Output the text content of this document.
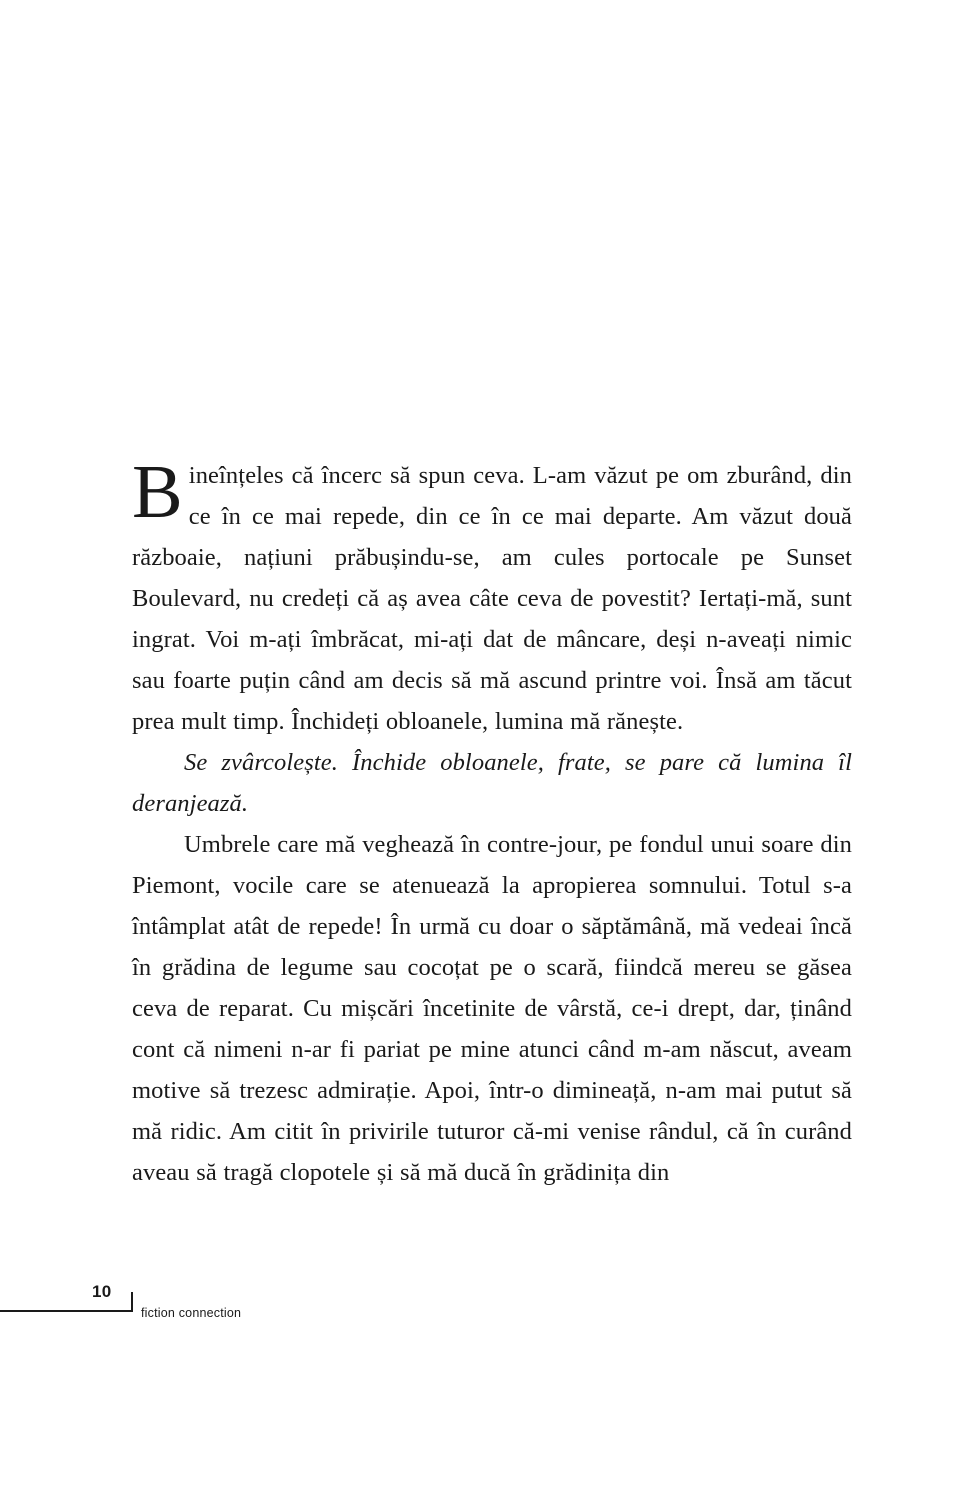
Bineînțeles că încerc să spun ceva. L-am văzut pe om zburând, din ce în ce mai repede, din ce în ce mai departe. Am văzut două războaie, națiuni prăbușindu-se, am cules portocale pe Sunset Boulevard, nu credeți că aș avea câte ceva de povestit? Iertați-mă, sunt ingrat. Voi m-ați îmbrăcat, mi-ați dat de mâncare, deși n-aveați nimic sau foarte puțin când am decis să mă ascund printre voi. Însă am tăcut prea mult timp. Închideți obloanele, lumina mă rănește.

Se zvârcolește. Închide obloanele, frate, se pare că lumina îl deranjează.

Umbrele care mă veghează în contre-jour, pe fondul unui soare din Piemont, vocile care se atenuează la apropierea somnului. Totul s-a întâmplat atât de repede! În urmă cu doar o săptămână, mă vedeai încă în grădina de legume sau cocoțat pe o scară, fiindcă mereu se găsea ceva de reparat. Cu mișcări încetinite de vârstă, ce-i drept, dar, ținând cont că nimeni n-ar fi pariat pe mine atunci când m-am născut, aveam motive să trezesc admirație. Apoi, într-o dimineață, n-am mai putut să mă ridic. Am citit în privirile tuturor că-mi venise rândul, că în curând aveau să tragă clopotele și să mă ducă în grădinița din

10
fiction connection
